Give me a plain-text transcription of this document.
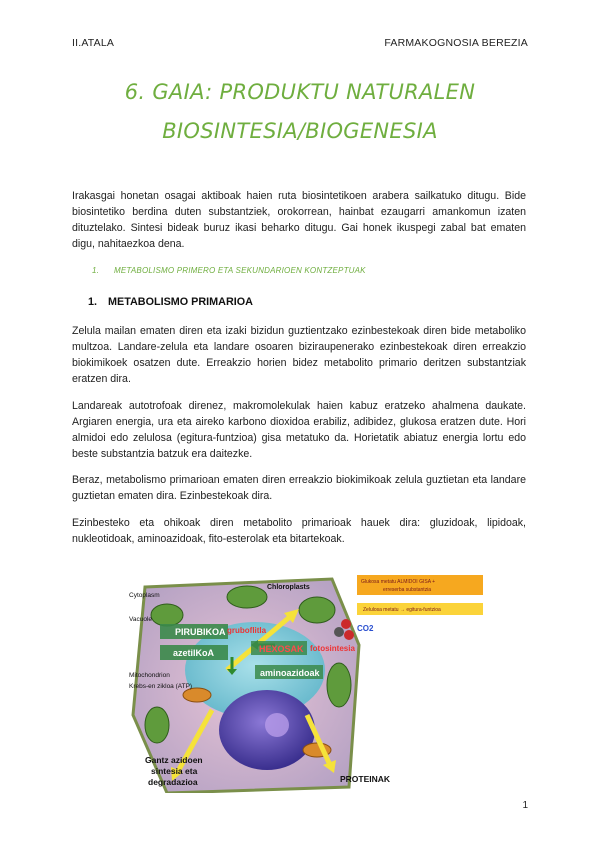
II.ATALA	FARMAKOGNOSIA BEREZIA
6. GAIA: PRODUKTU NATURALEN
BIOSINTESIA/BIOGENESIA
Irakasgai honetan osagai aktiboak haien ruta biosintetikoen arabera sailkatuko ditugu. Bide biosintetiko berdina duten substantziek, orokorrean, hainbat ezaugarri amankomun izaten dituztelako. Sintesi bideak buruz ikasi beharko ditugu. Gai honek ikuspegi zabal bat ematen digu, nahitaezkoa dena.
1. METABOLISMO PRIMERO ETA SEKUNDARIOEN KONTZEPTUAK
1. METABOLISMO PRIMARIOA
Zelula mailan ematen diren eta izaki bizidun guztientzako ezinbestekoak diren bide metaboliko multzoa. Landare-zelula eta landare osoaren biziraupenerako ezinbestekoak diren erreakzio biokimikoek osatzen dute. Erreakzio horien bidez metabolito primario deritzen substantziak eratzen dira.
Landareak autotrofoak direnez, makromolekulak haien kabuz eratzeko ahalmena daukate. Argiaren energia, ura eta aireko karbono dioxidoa erabiliz, adibidez, glukosa eratzen dute. Hori almidoi edo zelulosa (egitura-funtzioa) gisa metatuko da. Horietatik abiatuz energia lortu edo beste substantzia batzuk era daitezke.
Beraz, metabolismo primarioan ematen diren erreakzio biokimikoak zelula guztietan eta landare guztietan ematen dira. Ezinbestekoak dira.
Ezinbesteko eta ohikoak diren metabolito primarioak hauek dira: gluzidoak, lipidoak, nukleotidoak, aminoazidoak, fito-esterolak eta bitartekoak.
PIRUBIKOA
azetilKoA
gruboflitla
HEXOSAK fotosintesia
aminoazidoak
Cytoplasm
Vacuole
Chloroplasts
Mitochondrion
Krebs-en zikloa (ATP)
Gantz azidoen
sintesia eta
degradazioa	PROTEINAK
CO2
Glukosa metatu ALMIDOI GISA +
erreserba substantzia
Zelulosa metatu → egitura-funtzioa
1
